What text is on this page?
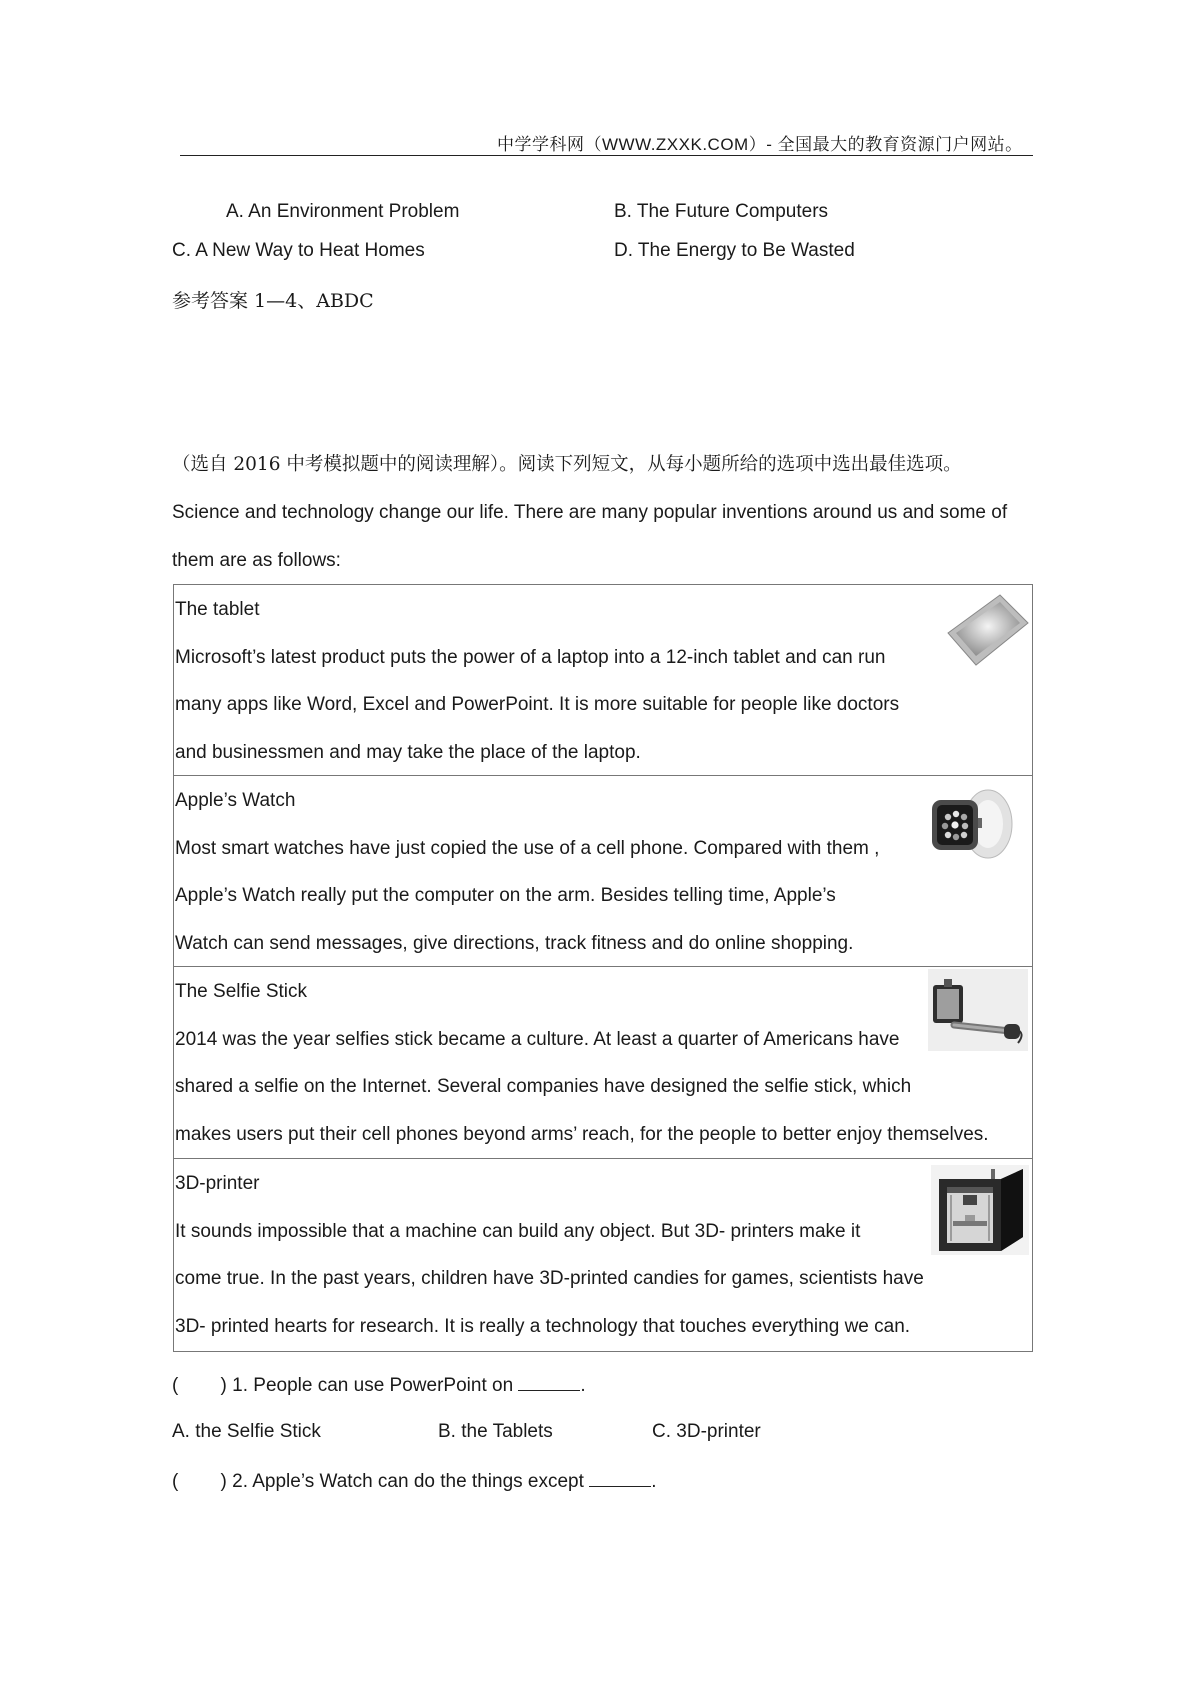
中学学科网（WWW.ZXXK.COM）- 全国最大的教育资源门户网站。
A. An Environment Problem	B. The Future Computers
C. A New Way to Heat Homes	D. The Energy to Be Wasted
参考答案 1—4、ABDC
（选自 2016 中考模拟题中的阅读理解）。阅读下列短文，从每小题所给的选项中选出最佳选项。
Science and technology change our life. There are many popular inventions around us and some of
them are as follows:
The tablet
Microsoft’s latest product puts the power of a laptop into a 12-inch tablet and can run
many apps like Word, Excel and PowerPoint. It is more suitable for people like doctors
and businessmen and may take the place of the laptop.
Apple’s Watch
Most smart watches have just copied the use of a cell phone. Compared with them ,
Apple’s Watch really put the computer on the arm. Besides telling time, Apple’s
Watch can send messages, give directions, track fitness and do online shopping.
The Selfie Stick
2014 was the year selfies stick became a culture. At least a quarter of Americans have
shared a selfie on the Internet. Several companies have designed the selfie stick, which
makes users put their cell phones beyond arms’ reach, for the people to better enjoy themselves.
3D-printer
It sounds impossible that a machine can build any object. But 3D- printers make it
come true. In the past years, children have 3D-printed candies for games, scientists have
3D- printed hearts for research. It is really a technology that touches everything we can.
(        ) 1. People can use PowerPoint on	.
A. the Selfie Stick	B. the Tablets	C. 3D-printer
(        ) 2. Apple’s Watch can do the things except	.
